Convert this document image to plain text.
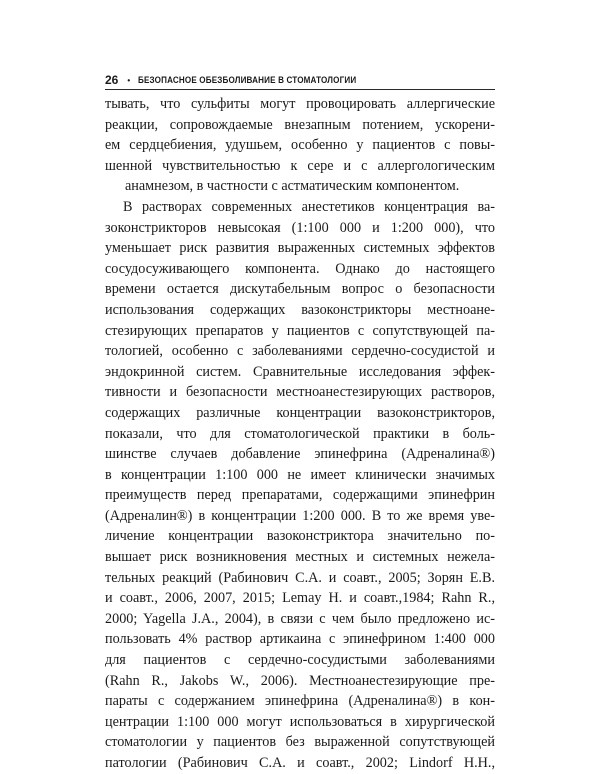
26 • БЕЗОПАСНОЕ ОБЕЗБОЛИВАНИЕ В СТОМАТОЛОГИИ
тывать, что сульфиты могут провоцировать аллергические
реакции, сопровождаемые внезапным потением, ускорени-
ем сердцебиения, удушьем, особенно у пациентов с повы-
шенной чувствительностью к сере и с аллергологическим
анамнезом, в частности с астматическим компонентом.
В растворах современных анестетиков концентрация ва-
зоконстрикторов невысокая (1:100 000 и 1:200 000), что
уменьшает риск развития выраженных системных эффектов
сосудосуживающего компонента. Однако до настоящего
времени остается дискутабельным вопрос о безопасности
использования содержащих вазоконстрикторы местноане-
стезирующих препаратов у пациентов с сопутствующей па-
тологией, особенно с заболеваниями сердечно-сосудистой и
эндокринной систем. Сравнительные исследования эффек-
тивности и безопасности местноанестезирующих растворов,
содержащих различные концентрации вазоконстрикторов,
показали, что для стоматологической практики в боль-
шинстве случаев добавление эпинефрина (Адреналина®)
в концентрации 1:100 000 не имеет клинически значимых
преимуществ перед препаратами, содержащими эпинефрин
(Адреналин®) в концентрации 1:200 000. В то же время уве-
личение концентрации вазоконстриктора значительно по-
вышает риск возникновения местных и системных нежела-
тельных реакций (Рабинович С.А. и соавт., 2005; Зорян Е.В.
и соавт., 2006, 2007, 2015; Lemay H. и соавт.,1984; Rahn R.,
2000; Yagella J.A., 2004), в связи с чем было предложено ис-
пользовать 4% раствор артикаина с эпинефрином 1:400 000
для пациентов с сердечно-сосудистыми заболеваниями
(Rahn R., Jakobs W., 2006). Местноанестезирующие пре-
параты с содержанием эпинефрина (Адреналина®) в кон-
центрации 1:100 000 могут использоваться в хирургической
стоматологии у пациентов без выраженной сопутствующей
патологии (Рабинович С.А. и соавт., 2002; Lindorf H.H.,
